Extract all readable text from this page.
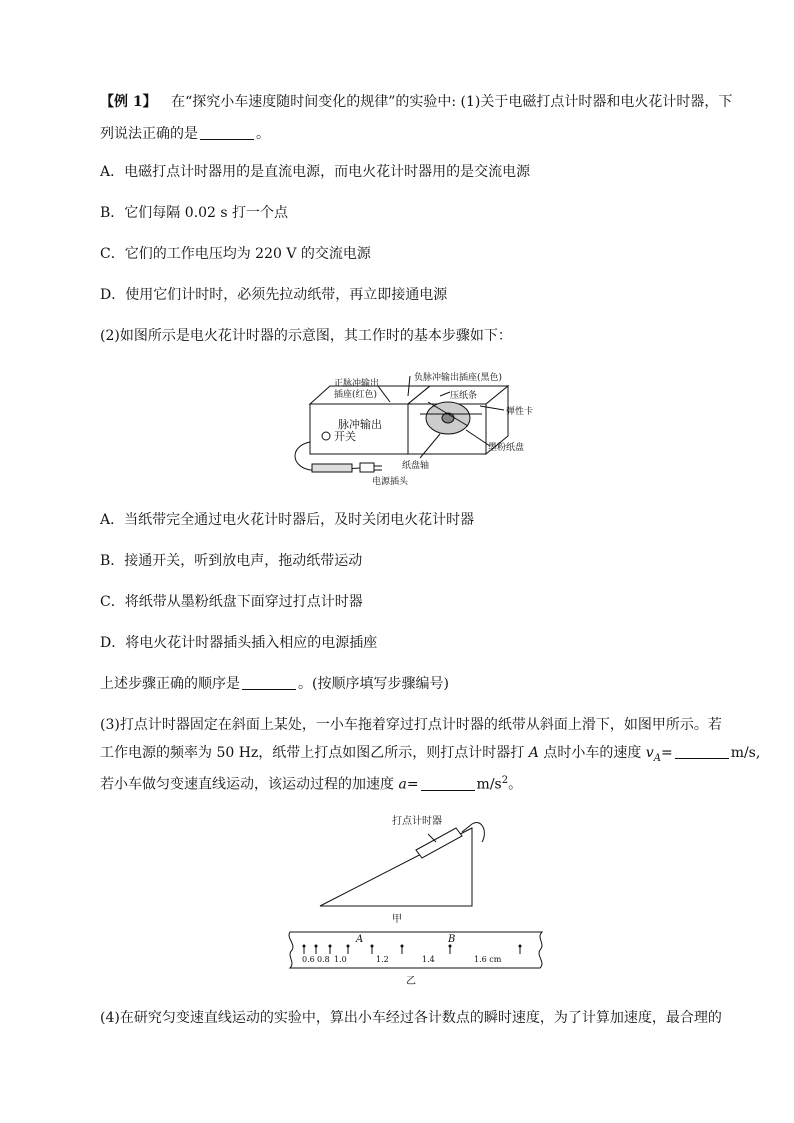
【例 1】 在“探究小车速度随时间变化的规律”的实验中: (1)关于电磁打点计时器和电火花计时器，下
列说法正确的是	。
A．电磁打点计时器用的是直流电源，而电火花计时器用的是交流电源
B．它们每隔 0.02 s 打一个点
C．它们的工作电压均为 220 V 的交流电源
D．使用它们计时时，必须先拉动纸带，再立即接通电源
(2)如图所示是电火花计时器的示意图，其工作时的基本步骤如下：
正脉冲输出
插座(红色)
负脉冲输出插座(黑色)
压纸条
弹性卡
脉冲输出
开关
墨粉纸盘
纸盘轴
电源插头
A．当纸带完全通过电火花计时器后，及时关闭电火花计时器
B．接通开关，听到放电声，拖动纸带运动
C．将纸带从墨粉纸盘下面穿过打点计时器
D．将电火花计时器插头插入相应的电源插座
上述步骤正确的顺序是	。(按顺序填写步骤编号)
(3)打点计时器固定在斜面上某处，一小车拖着穿过打点计时器的纸带从斜面上滑下，如图甲所示。若
工作电源的频率为 50 Hz，纸带上打点如图乙所示，则打点计时器打 A 点时小车的速度 $v_A=$	m/s,
若小车做匀变速直线运动，该运动过程的加速度 a=	$m/s^2$。
打点计时器
甲
A	B
0.6 0.8 1.0	1.2	1.4	1.6 cm
乙
(4)在研究匀变速直线运动的实验中，算出小车经过各计数点的瞬时速度，为了计算加速度，最合理的
